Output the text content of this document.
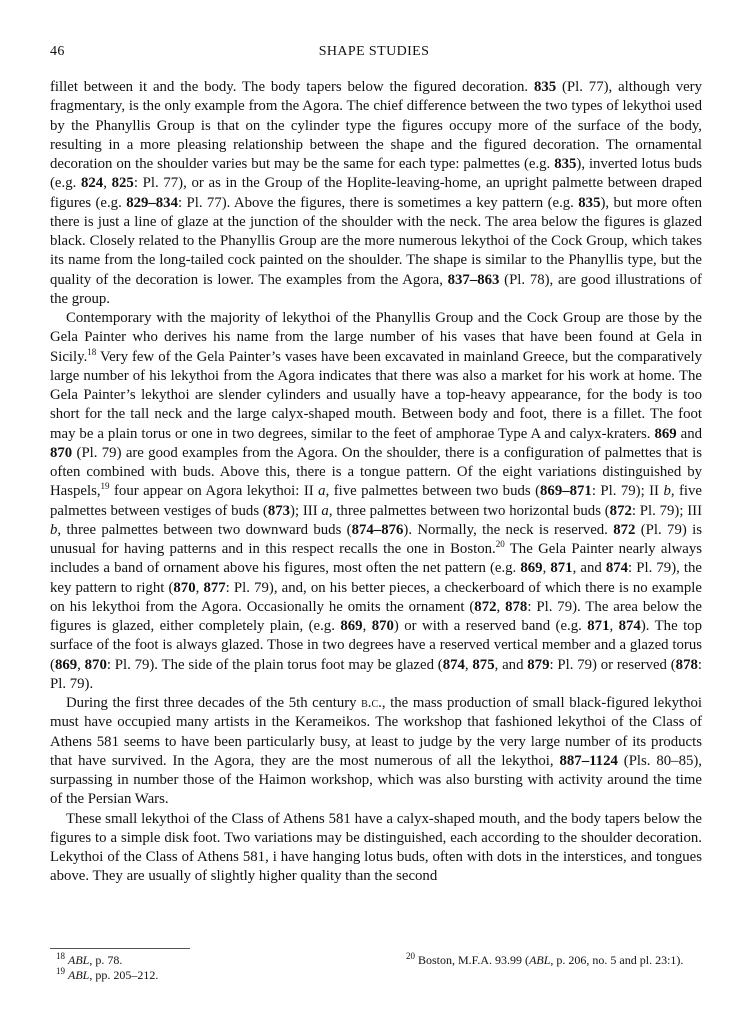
46	SHAPE STUDIES

fillet between it and the body. The body tapers below the figured decoration. 835 (Pl. 77), although very fragmentary, is the only example from the Agora. The chief difference between the two types of lekythoi used by the Phanyllis Group is that on the cylinder type the figures occupy more of the surface of the body, resulting in a more pleasing relationship between the shape and the figured decoration. The ornamental decoration on the shoulder varies but may be the same for each type: palmettes (e.g. 835), inverted lotus buds (e.g. 824, 825: Pl. 77), or as in the Group of the Hoplite-leaving-home, an upright palmette between draped figures (e.g. 829–834: Pl. 77). Above the figures, there is sometimes a key pattern (e.g. 835), but more often there is just a line of glaze at the junction of the shoulder with the neck. The area below the figures is glazed black. Closely related to the Phanyllis Group are the more numerous lekythoi of the Cock Group, which takes its name from the long-tailed cock painted on the shoulder. The shape is similar to the Phanyllis type, but the quality of the decoration is lower. The examples from the Agora, 837–863 (Pl. 78), are good illustrations of the group.

Contemporary with the majority of lekythoi of the Phanyllis Group and the Cock Group are those by the Gela Painter who derives his name from the large number of his vases that have been found at Gela in Sicily.$^{18}$ Very few of the Gela Painter’s vases have been excavated in mainland Greece, but the comparatively large number of his lekythoi from the Agora indicates that there was also a market for his work at home. The Gela Painter’s lekythoi are slender cylinders and usually have a top-heavy appearance, for the body is too short for the tall neck and the large calyx-shaped mouth. Between body and foot, there is a fillet. The foot may be a plain torus or one in two degrees, similar to the feet of amphorae Type A and calyx-kraters. 869 and 870 (Pl. 79) are good examples from the Agora. On the shoulder, there is a configuration of palmettes that is often combined with buds. Above this, there is a tongue pattern. Of the eight variations distinguished by Haspels,$^{19}$ four appear on Agora lekythoi: II a, five palmettes between two buds (869–871: Pl. 79); II b, five palmettes between vestiges of buds (873); III a, three palmettes between two horizontal buds (872: Pl. 79); III b, three palmettes between two downward buds (874–876). Normally, the neck is reserved. 872 (Pl. 79) is unusual for having patterns and in this respect recalls the one in Boston.$^{20}$ The Gela Painter nearly always includes a band of ornament above his figures, most often the net pattern (e.g. 869, 871, and 874: Pl. 79), the key pattern to right (870, 877: Pl. 79), and, on his better pieces, a checkerboard of which there is no example on his lekythoi from the Agora. Occasionally he omits the ornament (872, 878: Pl. 79). The area below the figures is glazed, either completely plain, (e.g. 869, 870) or with a reserved band (e.g. 871, 874). The top surface of the foot is always glazed. Those in two degrees have a reserved vertical member and a glazed torus (869, 870: Pl. 79). The side of the plain torus foot may be glazed (874, 875, and 879: Pl. 79) or reserved (878: Pl. 79).

During the first three decades of the 5th century b.c., the mass production of small black-figured lekythoi must have occupied many artists in the Kerameikos. The workshop that fashioned lekythoi of the Class of Athens 581 seems to have been particularly busy, at least to judge by the very large number of its products that have survived. In the Agora, they are the most numerous of all the lekythoi, 887–1124 (Pls. 80–85), surpassing in number those of the Haimon workshop, which was also bursting with activity around the time of the Persian Wars.

These small lekythoi of the Class of Athens 581 have a calyx-shaped mouth, and the body tapers below the figures to a simple disk foot. Two variations may be distinguished, each according to the shoulder decoration. Lekythoi of the Class of Athens 581, i have hanging lotus buds, often with dots in the interstices, and tongues above. They are usually of slightly higher quality than the second

$^{18}$ ABL, p. 78.
$^{19}$ ABL, pp. 205–212.
$^{20}$ Boston, M.F.A. 93.99 (ABL, p. 206, no. 5 and pl. 23:1).
